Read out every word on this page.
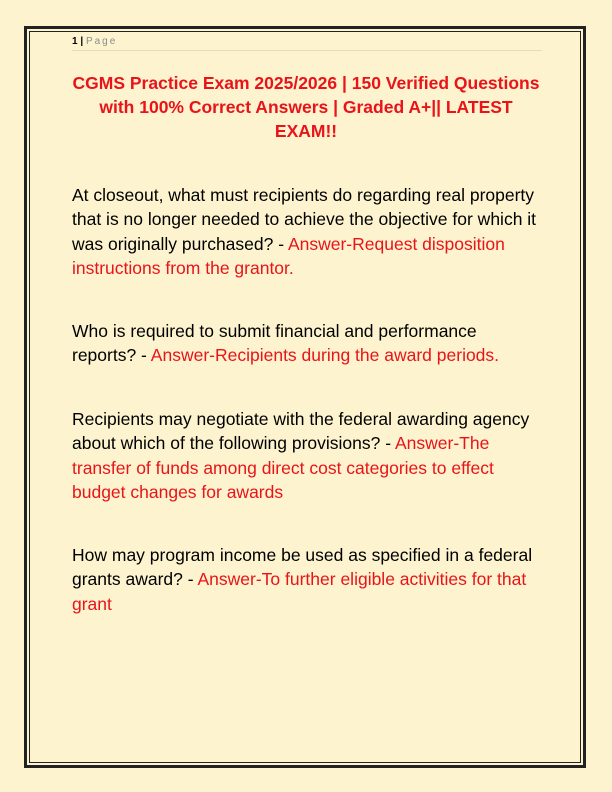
1 | Page
CGMS Practice Exam 2025/2026 | 150 Verified Questions with 100% Correct Answers | Graded A+|| LATEST EXAM!!
At closeout, what must recipients do regarding real property that is no longer needed to achieve the objective for which it was originally purchased? - Answer-Request disposition instructions from the grantor.
Who is required to submit financial and performance reports? - Answer-Recipients during the award periods.
Recipients may negotiate with the federal awarding agency about which of the following provisions? - Answer-The transfer of funds among direct cost categories to effect budget changes for awards
How may program income be used as specified in a federal grants award? - Answer-To further eligible activities for that grant
